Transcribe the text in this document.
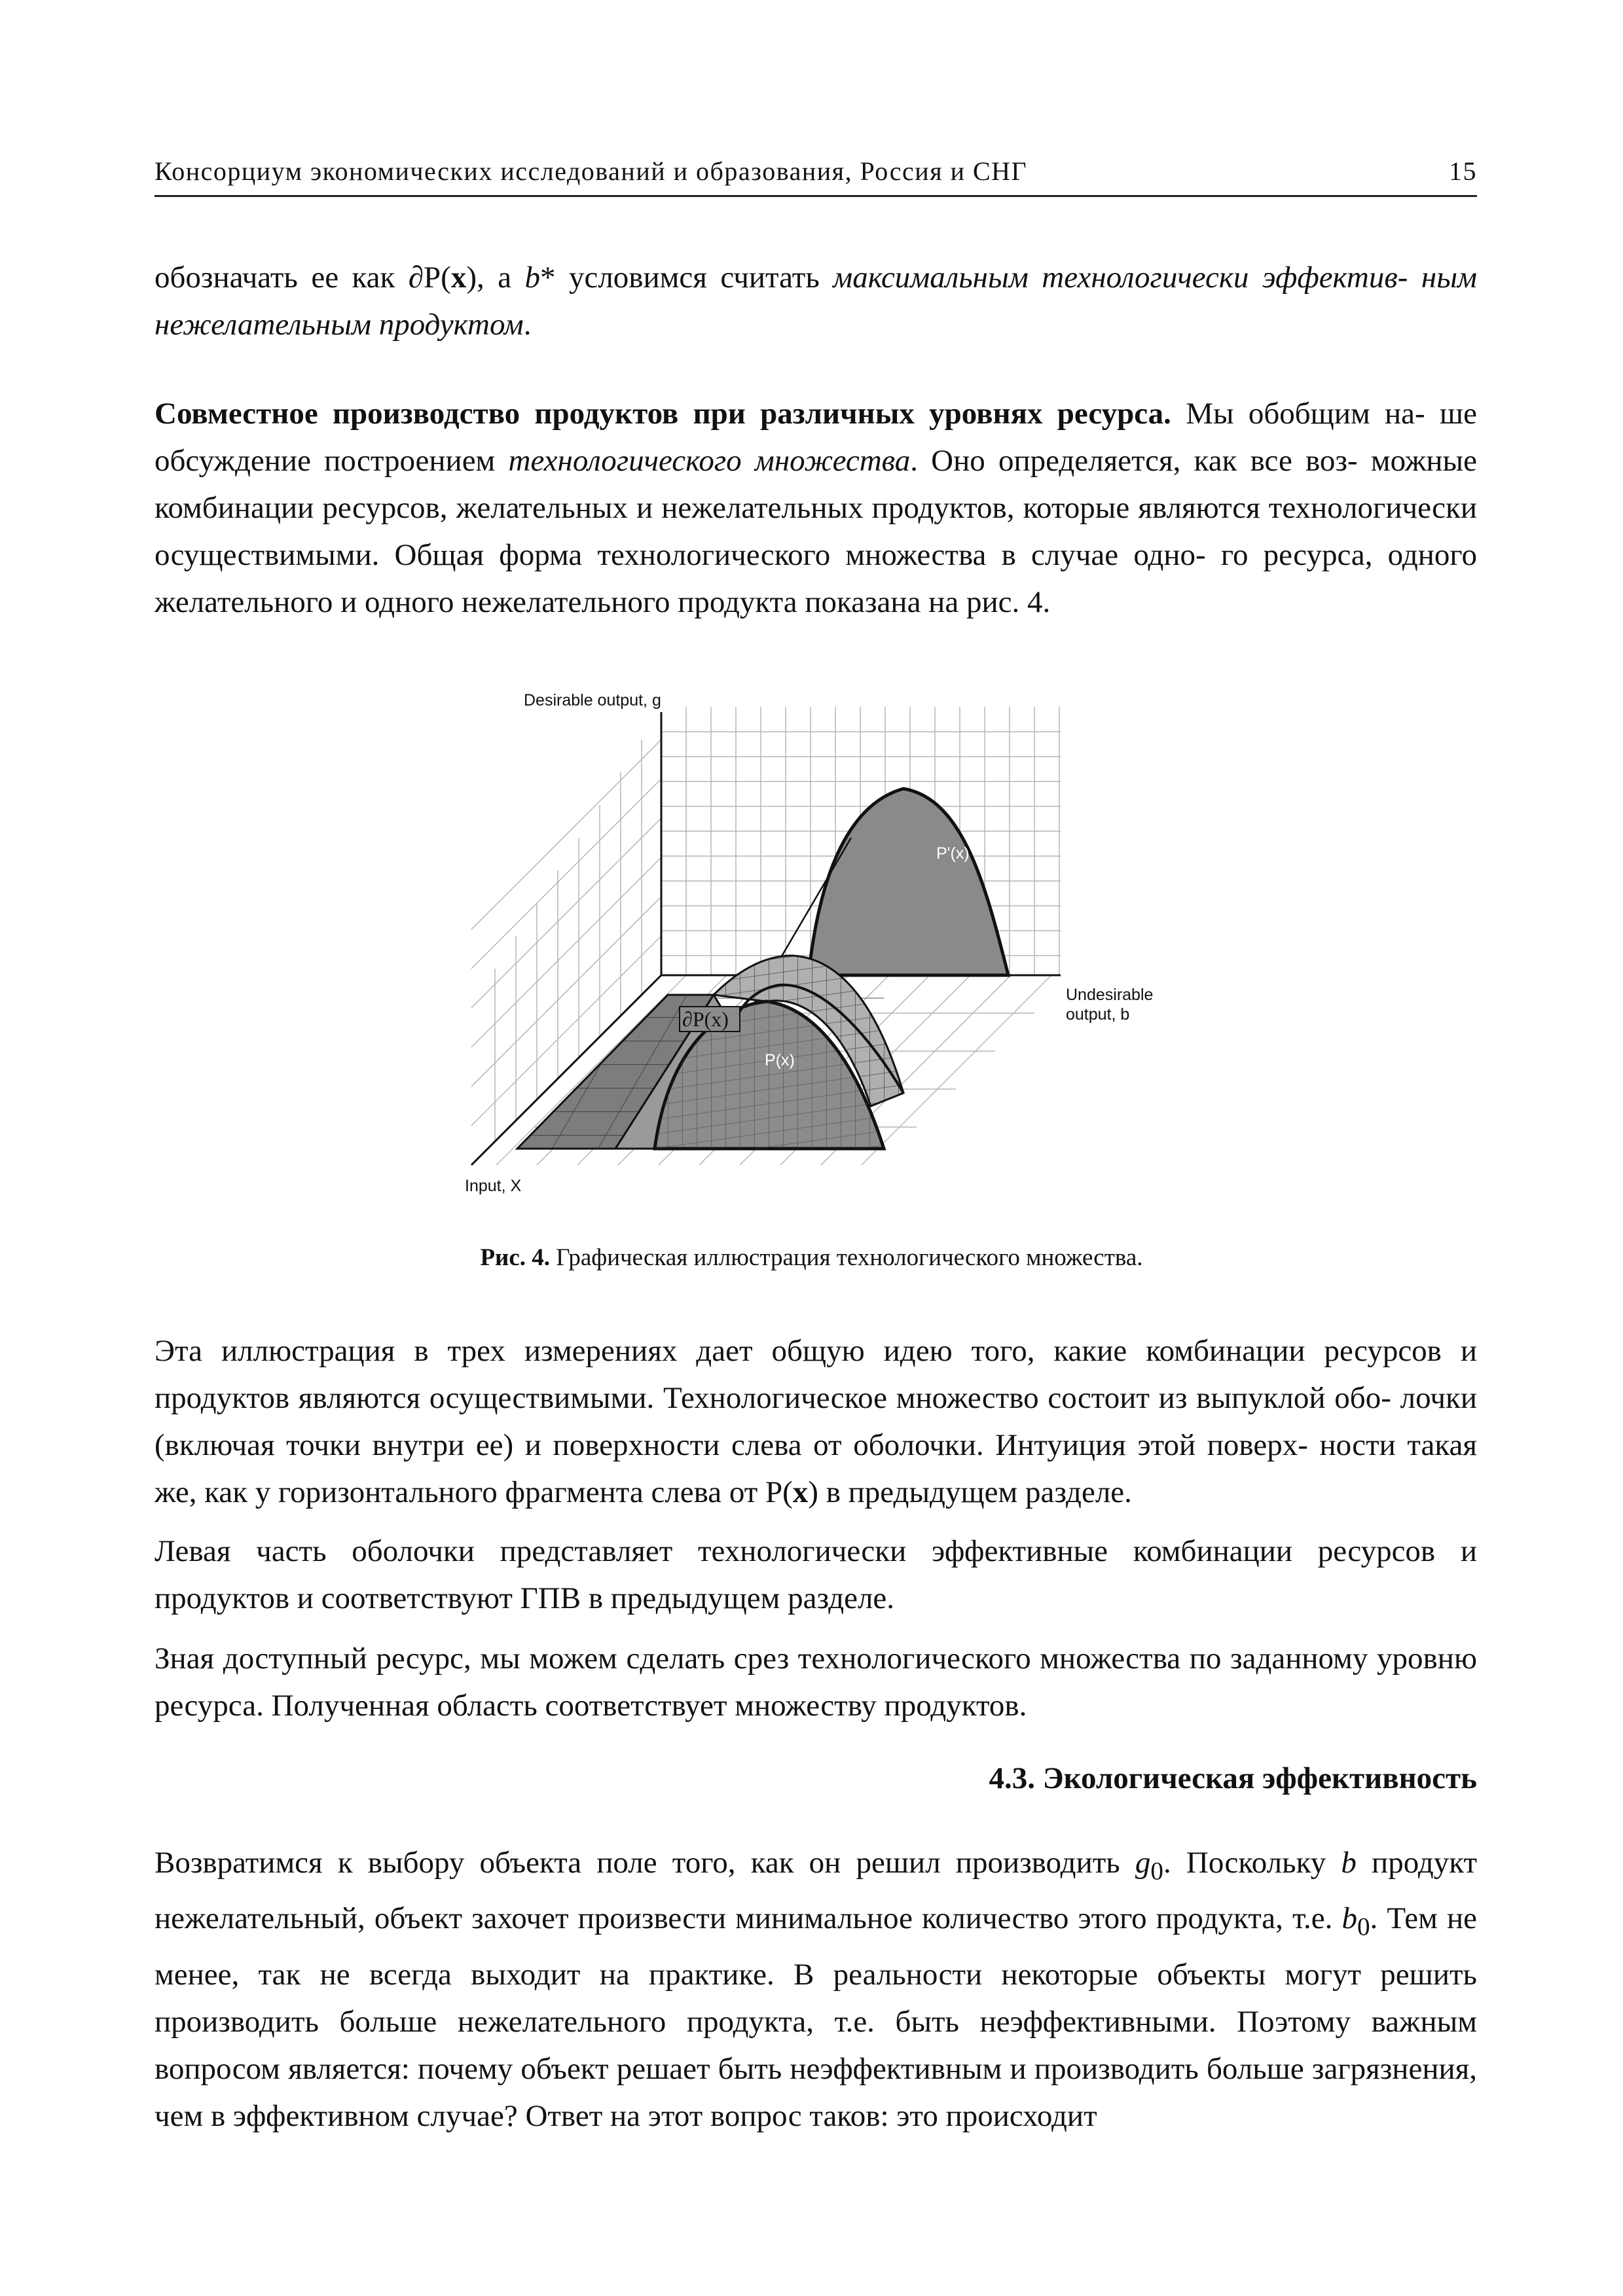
Консорциум экономических исследований и образования, Россия и СНГ	15

обозначать ее как ∂P(x), а b* условимся считать максимальным технологически эффектив- ным нежелательным продуктом.

Совместное производство продуктов при различных уровнях ресурса. Мы обобщим на- ше обсуждение построением технологического множества. Оно определяется, как все воз- можные комбинации ресурсов, желательных и нежелательных продуктов, которые являются технологически осуществимыми. Общая форма технологического множества в случае одно- го ресурса, одного желательного и одного нежелательного продукта показана на рис. 4.

Desirable output, g
Undesirable
output, b
Input, X
P'(x)
∂P(x)
P(x)
Рис. 4. Графическая иллюстрация технологического множества.

Эта иллюстрация в трех измерениях дает общую идею того, какие комбинации ресурсов и продуктов являются осуществимыми. Технологическое множество состоит из выпуклой обо- лочки (включая точки внутри ее) и поверхности слева от оболочки. Интуиция этой поверх- ности такая же, как у горизонтального фрагмента слева от P(x) в предыдущем разделе.

Левая часть оболочки представляет технологически эффективные комбинации ресурсов и продуктов и соответствуют ГПВ в предыдущем разделе.

Зная доступный ресурс, мы можем сделать срез технологического множества по заданному уровню ресурса. Полученная область соответствует множеству продуктов.

4.3. Экологическая эффективность

Возвратимся к выбору объекта поле того, как он решил производить $g_0$. Поскольку b продукт нежелательный, объект захочет произвести минимальное количество этого продукта, т.е. $b_0$. Тем не менее, так не всегда выходит на практике. В реальности некоторые объекты могут решить производить больше нежелательного продукта, т.е. быть неэффективными. Поэтому важным вопросом является: почему объект решает быть неэффективным и производить больше загрязнения, чем в эффективном случае? Ответ на этот вопрос таков: это происходит
